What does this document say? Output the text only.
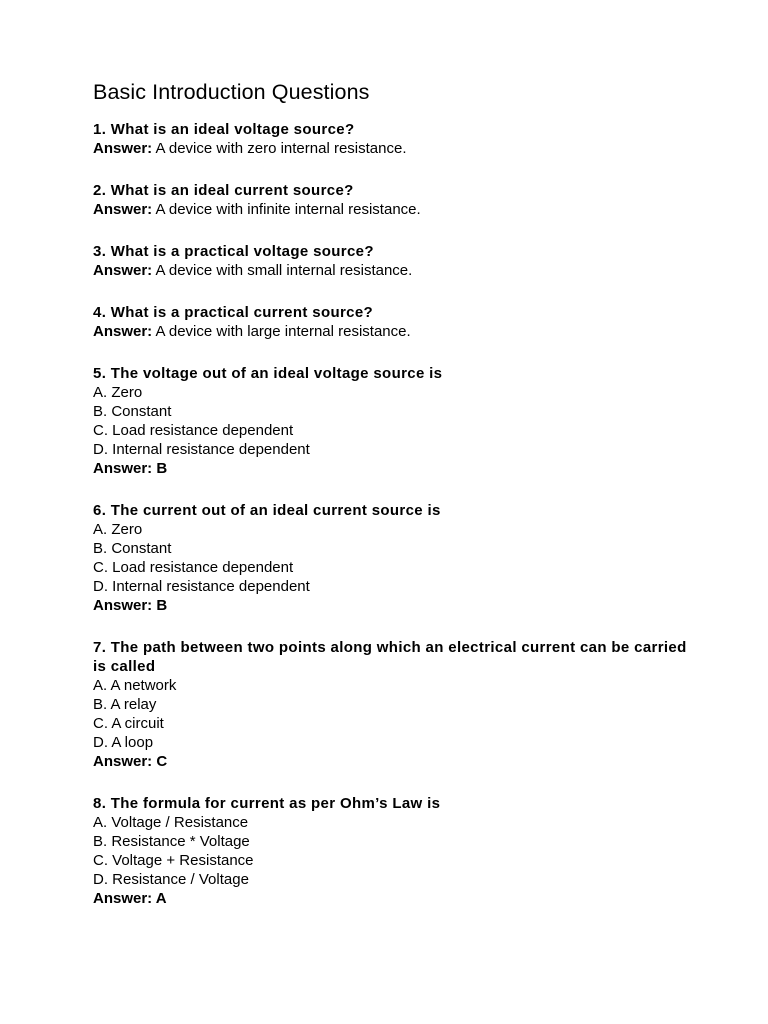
Basic Introduction Questions
1. What is an ideal voltage source?
Answer: A device with zero internal resistance.
2. What is an ideal current source?
Answer: A device with infinite internal resistance.
3. What is a practical voltage source?
Answer: A device with small internal resistance.
4. What is a practical current source?
Answer: A device with large internal resistance.
5. The voltage out of an ideal voltage source is
A. Zero
B. Constant
C. Load resistance dependent
D. Internal resistance dependent
Answer: B
6. The current out of an ideal current source is
A. Zero
B. Constant
C. Load resistance dependent
D. Internal resistance dependent
Answer: B
7. The path between two points along which an electrical current can be carried is called
A. A network
B. A relay
C. A circuit
D. A loop
Answer: C
8. The formula for current as per Ohm’s Law is
A. Voltage / Resistance
B. Resistance * Voltage
C. Voltage + Resistance
D. Resistance / Voltage
Answer: A
